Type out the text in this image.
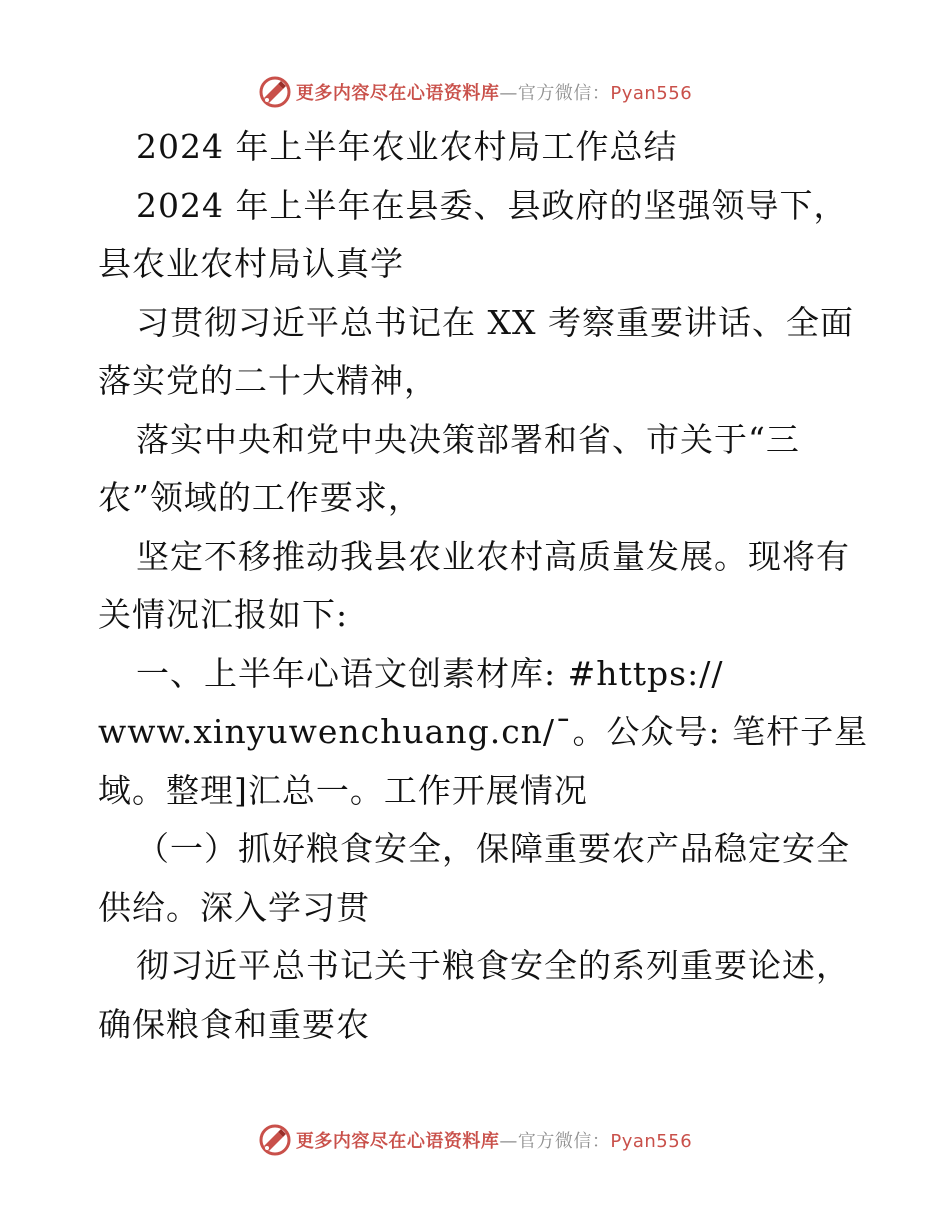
更多内容尽在心语资料库—官方微信：Pyan556
2024 年上半年农业农村局工作总结
2024 年上半年在县委、县政府的坚强领导下，
县农业农村局认真学
习贯彻习近平总书记在 XX 考察重要讲话、全面
落实党的二十大精神，
落实中央和党中央决策部署和省、市关于“三
农”领域的工作要求，
坚定不移推动我县农业农村高质量发展。现将有
关情况汇报如下:
一、上半年心语文创素材库: #https://
www.xinyuwenchuang.cn/¯。公众号: 笔杆子星
域。整理]汇总一。工作开展情况
（一）抓好粮食安全，保障重要农产品稳定安全
供给。深入学习贯
彻习近平总书记关于粮食安全的系列重要论述，
确保粮食和重要农
更多内容尽在心语资料库—官方微信：Pyan556
